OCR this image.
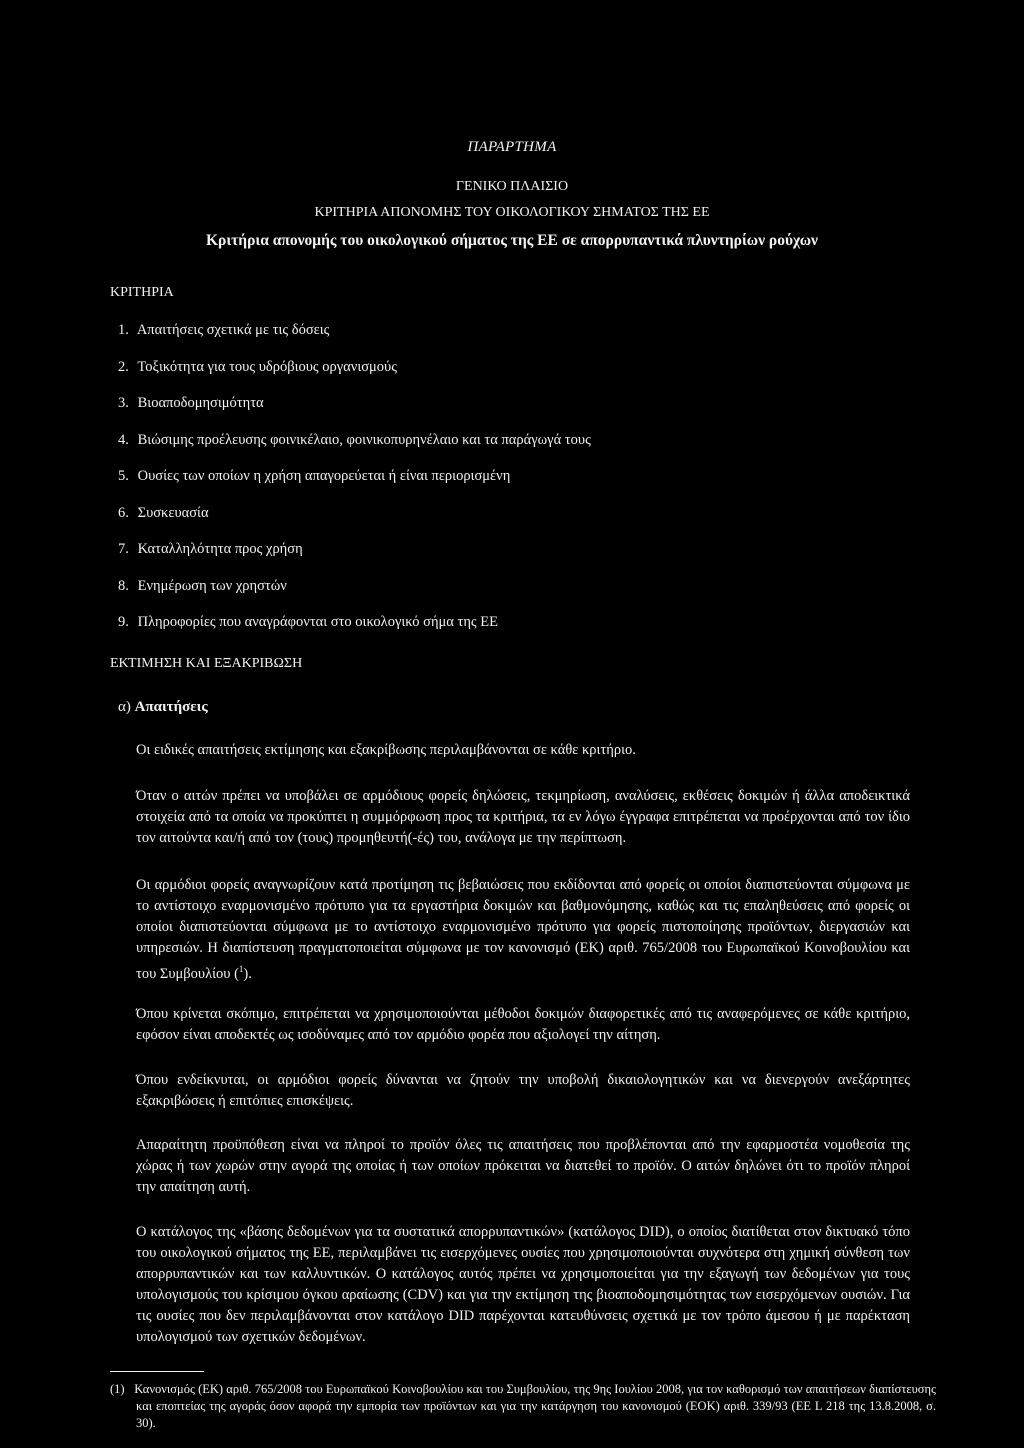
ΠΑΡΑΡΤΗΜΑ
ΓΕΝΙΚΟ ΠΛΑΙΣΙΟ
ΚΡΙΤΗΡΙΑ ΑΠΟΝΟΜΗΣ ΤΟΥ ΟΙΚΟΛΟΓΙΚΟΥ ΣΗΜΑΤΟΣ ΤΗΣ ΕΕ
Κριτήρια απονομής του οικολογικού σήματος της ΕΕ σε απορρυπαντικά πλυντηρίων ρούχων
ΚΡΙΤΗΡΙΑ
1. Απαιτήσεις σχετικά με τις δόσεις
2. Τοξικότητα για τους υδρόβιους οργανισμούς
3. Βιοαποδομησιμότητα
4. Βιώσιμης προέλευσης φοινικέλαιο, φοινικοπυρηνέλαιο και τα παράγωγά τους
5. Ουσίες των οποίων η χρήση απαγορεύεται ή είναι περιορισμένη
6. Συσκευασία
7. Καταλληλότητα προς χρήση
8. Ενημέρωση των χρηστών
9. Πληροφορίες που αναγράφονται στο οικολογικό σήμα της ΕΕ
ΕΚΤΙΜΗΣΗ ΚΑΙ ΕΞΑΚΡΙΒΩΣΗ
α) Απαιτήσεις

Οι ειδικές απαιτήσεις εκτίμησης και εξακρίβωσης περιλαμβάνονται σε κάθε κριτήριο.

Όταν ο αιτών πρέπει να υποβάλει σε αρμόδιους φορείς δηλώσεις, τεκμηρίωση, αναλύσεις, εκθέσεις δοκιμών ή άλλα αποδεικτικά στοιχεία από τα οποία να προκύπτει η συμμόρφωση προς τα κριτήρια, τα εν λόγω έγγραφα επιτρέπεται να προέρχονται από τον ίδιο τον αιτούντα και/ή από τον (τους) προμηθευτή(-ές) του, ανάλογα με την περίπτωση.

Οι αρμόδιοι φορείς αναγνωρίζουν κατά προτίμηση τις βεβαιώσεις που εκδίδονται από φορείς οι οποίοι διαπιστεύονται σύμφωνα με το αντίστοιχο εναρμονισμένο πρότυπο για τα εργαστήρια δοκιμών και βαθμονόμησης, καθώς και τις επαληθεύσεις από φορείς οι οποίοι διαπιστεύονται σύμφωνα με το αντίστοιχο εναρμονισμένο πρότυπο για φορείς πιστοποίησης προϊόντων, διεργασιών και υπηρεσιών. Η διαπίστευση πραγματοποιείται σύμφωνα με τον κανονισμό (ΕΚ) αριθ. 765/2008 του Ευρωπαϊκού Κοινοβουλίου και του Συμβουλίου ($^1$).

Όπου κρίνεται σκόπιμο, επιτρέπεται να χρησιμοποιούνται μέθοδοι δοκιμών διαφορετικές από τις αναφερόμενες σε κάθε κριτήριο, εφόσον είναι αποδεκτές ως ισοδύναμες από τον αρμόδιο φορέα που αξιολογεί την αίτηση.

Όπου ενδείκνυται, οι αρμόδιοι φορείς δύνανται να ζητούν την υποβολή δικαιολογητικών και να διενεργούν ανεξάρτητες εξακριβώσεις ή επιτόπιες επισκέψεις.

Απαραίτητη προϋπόθεση είναι να πληροί το προϊόν όλες τις απαιτήσεις που προβλέπονται από την εφαρμοστέα νομοθεσία της χώρας ή των χωρών στην αγορά της οποίας ή των οποίων πρόκειται να διατεθεί το προϊόν. Ο αιτών δηλώνει ότι το προϊόν πληροί την απαίτηση αυτή.

Ο κατάλογος της «βάσης δεδομένων για τα συστατικά απορρυπαντικών» (κατάλογος DID), ο οποίος διατίθεται στον δικτυακό τόπο του οικολογικού σήματος της ΕΕ, περιλαμβάνει τις εισερχόμενες ουσίες που χρησιμοποιούνται συχνότερα στη χημική σύνθεση των απορρυπαντικών και των καλλυντικών. Ο κατάλογος αυτός πρέπει να χρησιμοποιείται για την εξαγωγή των δεδομένων για τους υπολογισμούς του κρίσιμου όγκου αραίωσης (CDV) και για την εκτίμηση της βιοαποδομησιμότητας των εισερχόμενων ουσιών. Για τις ουσίες που δεν περιλαμβάνονται στον κατάλογο DID παρέχονται κατευθύνσεις σχετικά με τον τρόπο άμεσου ή με παρέκταση υπολογισμού των σχετικών δεδομένων.

(1) Κανονισμός (ΕΚ) αριθ. 765/2008 του Ευρωπαϊκού Κοινοβουλίου και του Συμβουλίου, της 9ης Ιουλίου 2008, για τον καθορισμό των απαιτήσεων διαπίστευσης και εποπτείας της αγοράς όσον αφορά την εμπορία των προϊόντων και για την κατάργηση του κανονισμού (ΕΟΚ) αριθ. 339/93 (ΕΕ L 218 της 13.8.2008, σ. 30).
